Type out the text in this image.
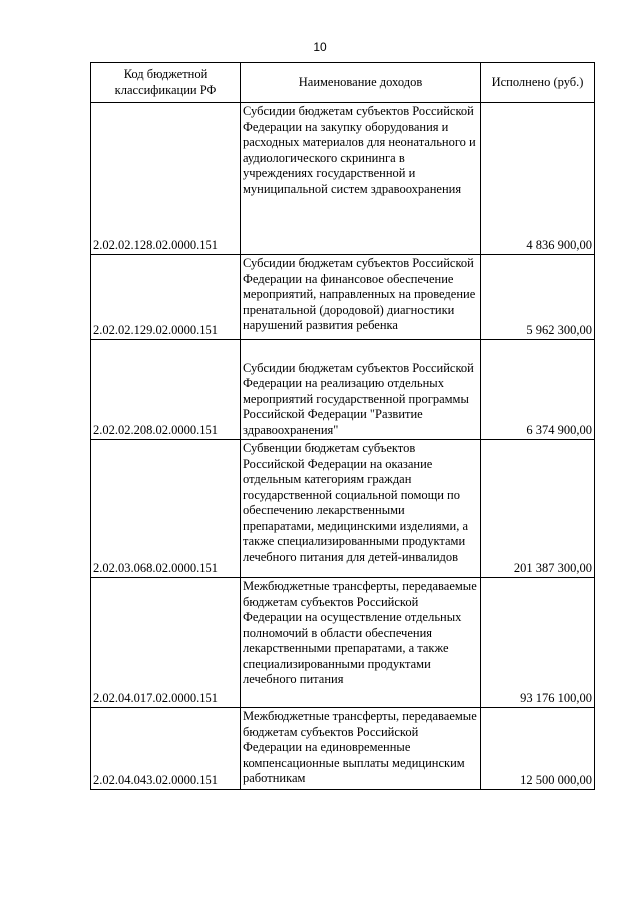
10
Код бюджетной классификации РФ	Наименование доходов	Исполнено (руб.)
2.02.02.128.02.0000.151	Субсидии бюджетам субъектов Российской Федерации на закупку оборудования и расходных материалов для неонатального и аудиологического скрининга в учреждениях государственной и муниципальной систем здравоохранения	4 836 900,00
2.02.02.129.02.0000.151	Субсидии бюджетам субъектов Российской Федерации на финансовое обеспечение мероприятий, направленных на проведение пренатальной (дородовой) диагностики нарушений развития ребенка	5 962 300,00
2.02.02.208.02.0000.151	Субсидии бюджетам субъектов Российской Федерации на реализацию отдельных мероприятий государственной программы Российской Федерации "Развитие здравоохранения"	6 374 900,00
2.02.03.068.02.0000.151	Субвенции бюджетам субъектов Российской Федерации на оказание отдельным категориям граждан государственной социальной помощи по обеспечению лекарственными препаратами, медицинскими изделиями, а также специализированными продуктами лечебного питания для детей-инвалидов	201 387 300,00
2.02.04.017.02.0000.151	Межбюджетные трансферты, передаваемые бюджетам субъектов Российской Федерации на осуществление отдельных полномочий в области обеспечения лекарственными препаратами, а также специализированными продуктами лечебного питания	93 176 100,00
2.02.04.043.02.0000.151	Межбюджетные трансферты, передаваемые бюджетам субъектов Российской Федерации на единовременные компенсационные выплаты медицинским работникам	12 500 000,00
